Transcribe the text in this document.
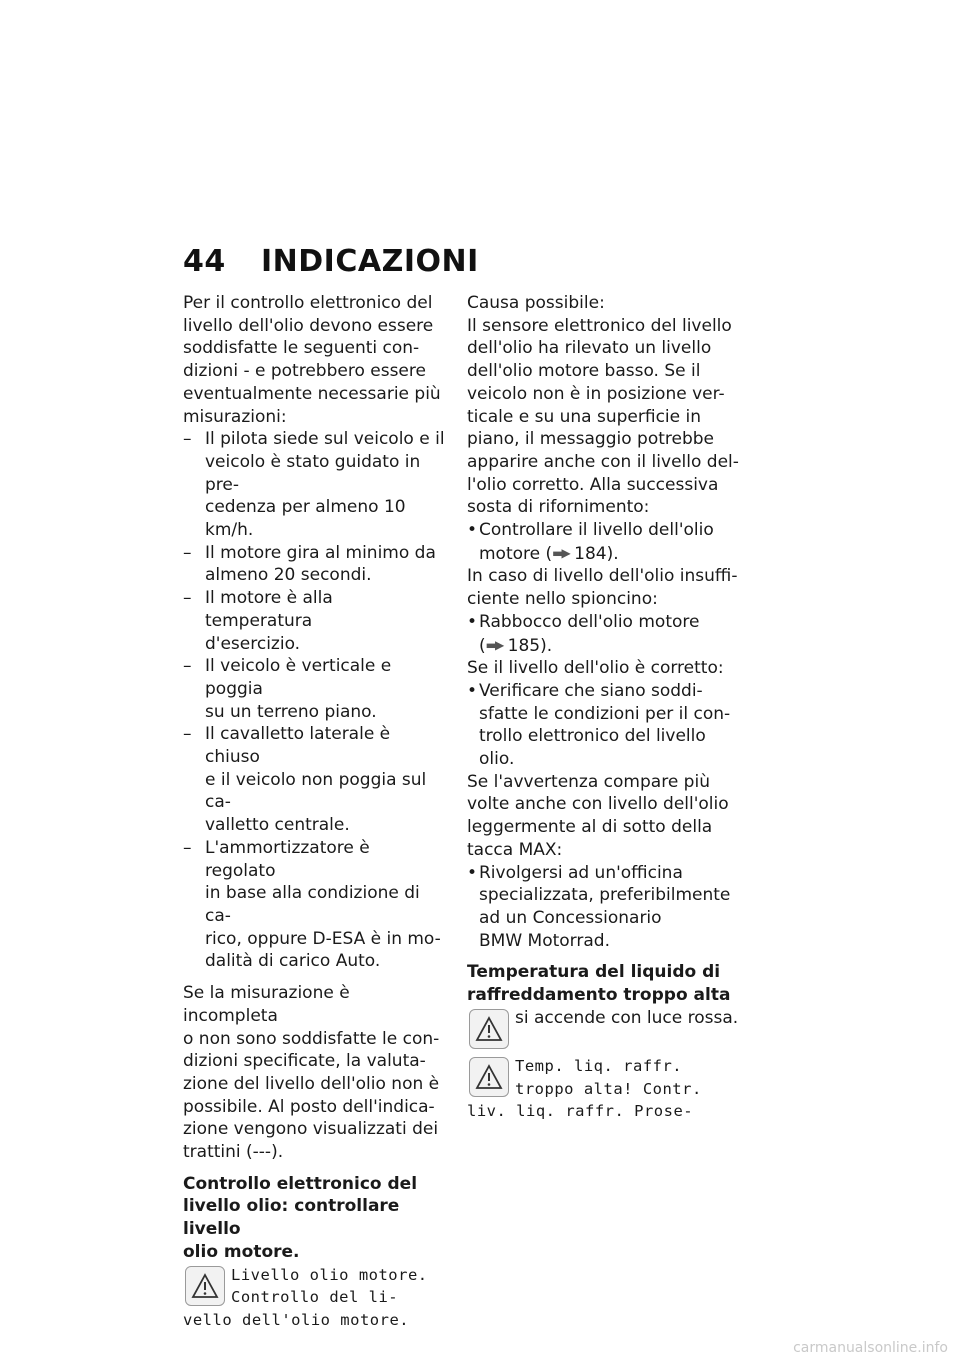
44 INDICAZIONI

Per il controllo elettronico del
livello dell'olio devono essere
soddisfatte le seguenti con-
dizioni - e potrebbero essere
eventualmente necessarie più
misurazioni:

– Il pilota siede sul veicolo e il
veicolo è stato guidato in pre-
cedenza per almeno 10 km/h.
– Il motore gira al minimo da
almeno 20 secondi.
– Il motore è alla temperatura
d'esercizio.
– Il veicolo è verticale e poggia
su un terreno piano.
– Il cavalletto laterale è chiuso
e il veicolo non poggia sul ca-
valletto centrale.
– L'ammortizzatore è regolato
in base alla condizione di ca-
rico, oppure D-ESA è in mo-
dalità di carico Auto.

Se la misurazione è incompleta
o non sono soddisfatte le con-
dizioni specificate, la valuta-
zione del livello dell'olio non è
possibile. Al posto dell'indica-
zione vengono visualizzati dei
trattini (---).

Controllo elettronico del
livello olio: controllare livello
olio motore.

Livello olio motore.
Controllo del li-
vello dell'olio motore.

Causa possibile:

Il sensore elettronico del livello
dell'olio ha rilevato un livello
dell'olio motore basso. Se il
veicolo non è in posizione ver-
ticale e su una superficie in
piano, il messaggio potrebbe
apparire anche con il livello del-
l'olio corretto. Alla successiva
sosta di rifornimento:

• Controllare il livello dell'olio
motore (▬▶ 184).

In caso di livello dell'olio insuffi-
ciente nello spioncino:

• Rabbocco dell'olio motore
(▬▶ 185).

Se il livello dell'olio è corretto:

• Verificare che siano soddi-
sfatte le condizioni per il con-
trollo elettronico del livello
olio.

Se l'avvertenza compare più
volte anche con livello dell'olio
leggermente al di sotto della
tacca MAX:

• Rivolgersi ad un'officina
specializzata, preferibilmente
ad un Concessionario
BMW Motorrad.

Temperatura del liquido di
raffreddamento troppo alta

si accende con luce rossa.

Temp. liq. raffr.
troppo alta! Contr.
liv. liq. raffr. Prose-

carmanualsonline.info
